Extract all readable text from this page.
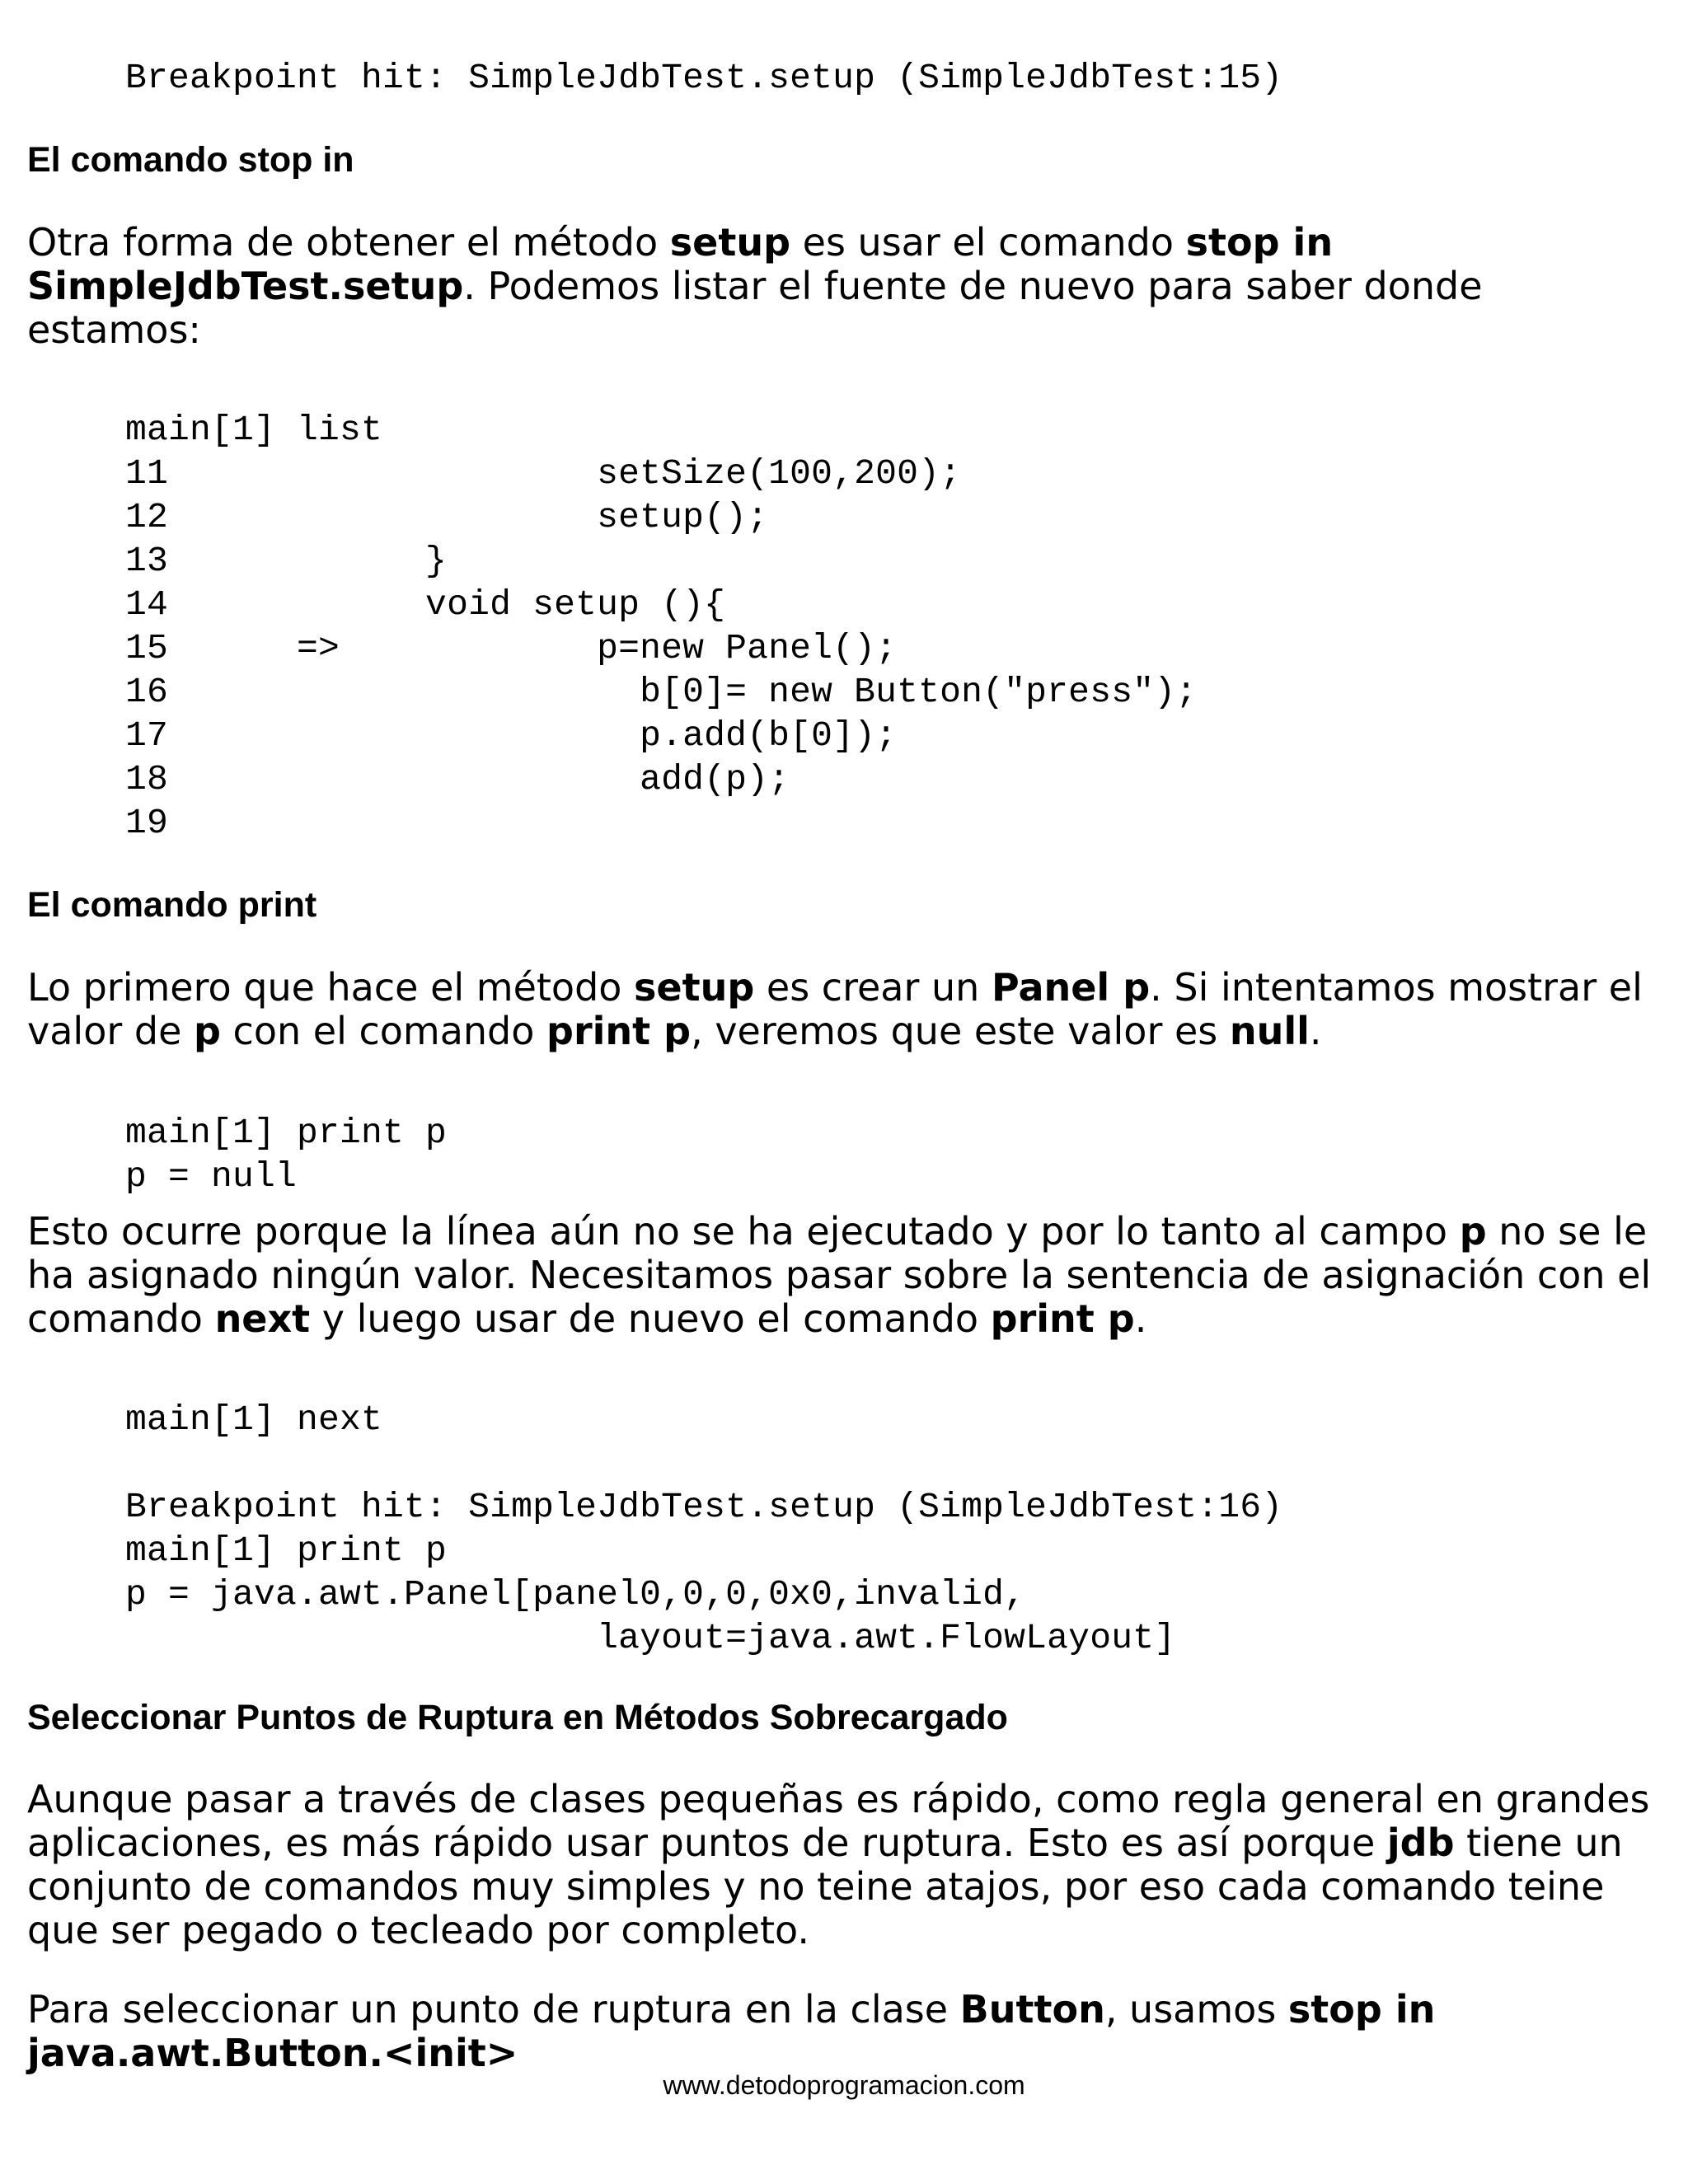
Breakpoint hit: SimpleJdbTest.setup (SimpleJdbTest:15)
El comando stop in

Otra forma de obtener el método setup es usar el comando stop in SimpleJdbTest.setup. Podemos listar el fuente de nuevo para saber donde estamos:

main[1] list
11                    setSize(100,200);
12                    setup();
13            }
14            void setup (){
15      =>            p=new Panel();
16                      b[0]= new Button("press");
17                      p.add(b[0]);
18                      add(p);
19
El comando print

Lo primero que hace el método setup es crear un Panel p. Si intentamos mostrar el valor de p con el comando print p, veremos que este valor es null.

main[1] print p
p = null

Esto ocurre porque la línea aún no se ha ejecutado y por lo tanto al campo p no se le ha asignado ningún valor. Necesitamos pasar sobre la sentencia de asignación con el comando next y luego usar de nuevo el comando print p.

main[1] next
Breakpoint hit: SimpleJdbTest.setup (SimpleJdbTest:16)
main[1] print p
p = java.awt.Panel[panel0,0,0,0x0,invalid,
layout=java.awt.FlowLayout]
Seleccionar Puntos de Ruptura en Métodos Sobrecargado

Aunque pasar a través de clases pequeñas es rápido, como regla general en grandes aplicaciones, es más rápido usar puntos de ruptura. Esto es así porque jdb tiene un conjunto de comandos muy simples y no teine atajos, por eso cada comando teine que ser pegado o tecleado por completo.

Para seleccionar un punto de ruptura en la clase Button, usamos stop in java.awt.Button.<init>

www.detodoprogramacion.com
